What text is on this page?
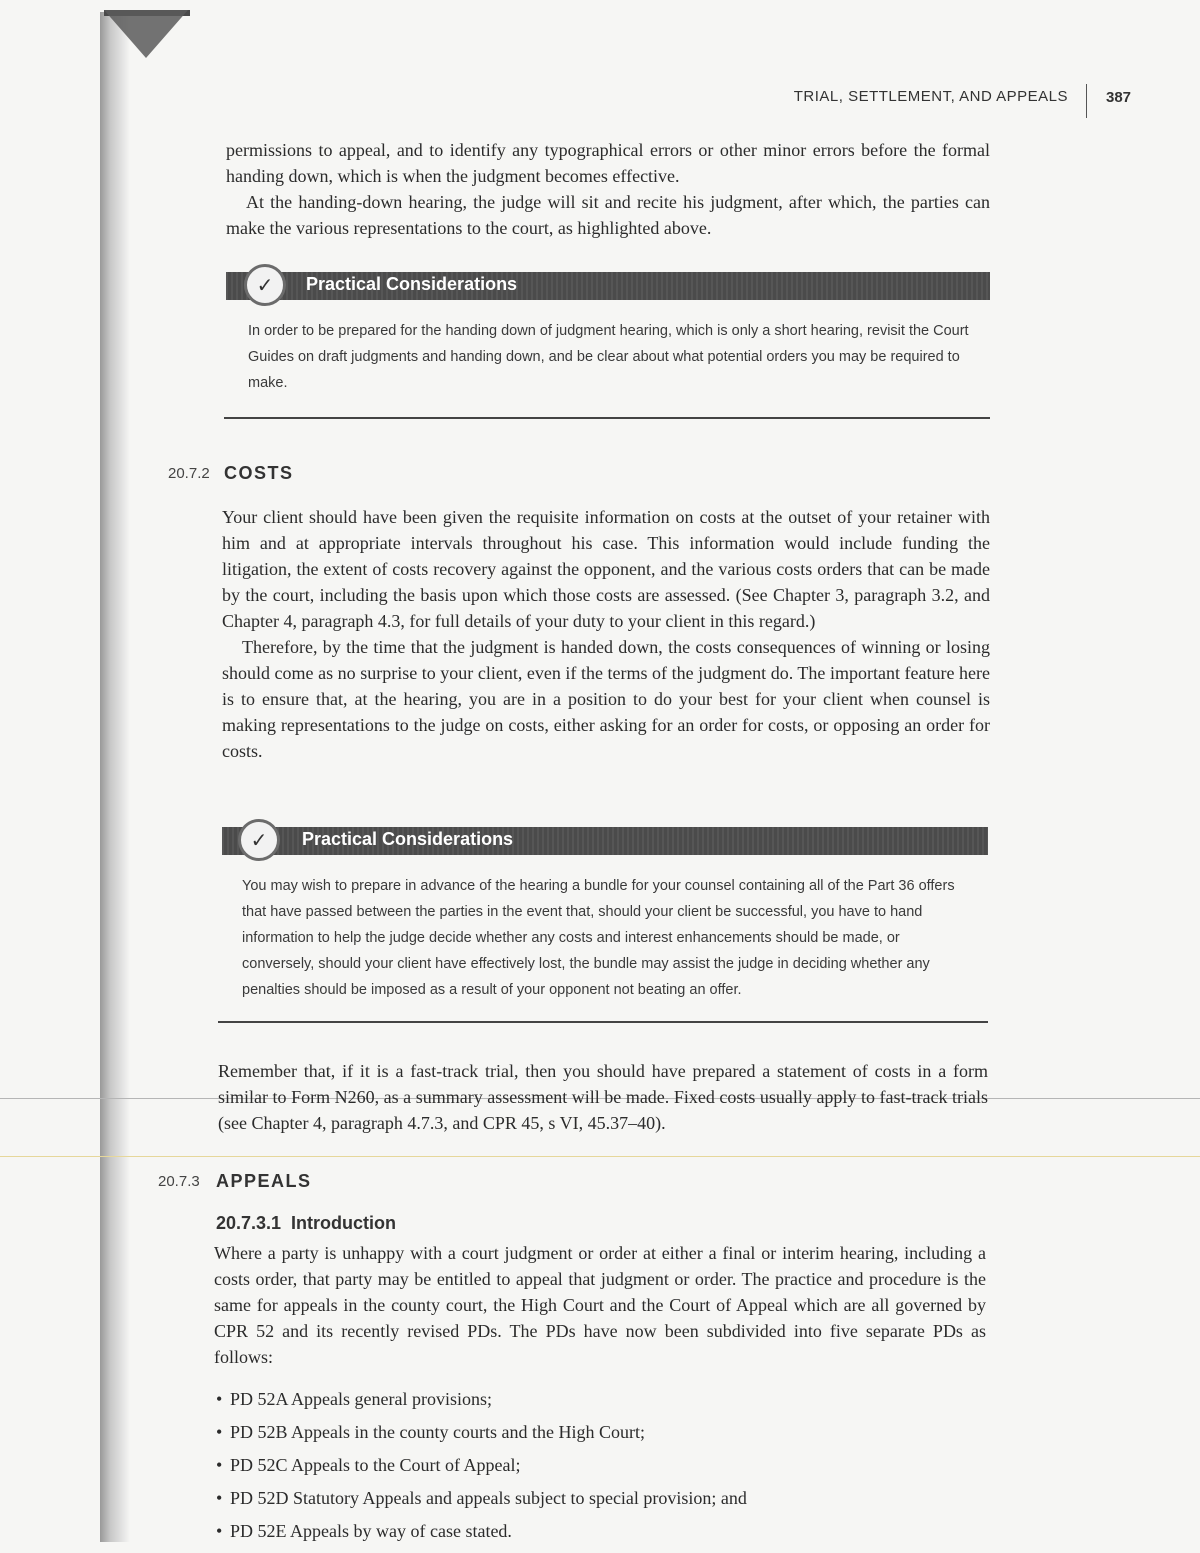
TRIAL, SETTLEMENT, AND APPEALS	387

permissions to appeal, and to identify any typographical errors or other minor errors before the formal handing down, which is when the judgment becomes effective.

At the handing-down hearing, the judge will sit and recite his judgment, after which, the parties can make the various representations to the court, as highlighted above.

✓	Practical Considerations
In order to be prepared for the handing down of judgment hearing, which is only a short hearing, revisit the Court Guides on draft judgments and handing down, and be clear about what potential orders you may be required to make.
20.7.2 COSTS

Your client should have been given the requisite information on costs at the outset of your retainer with him and at appropriate intervals throughout his case. This information would include funding the litigation, the extent of costs recovery against the opponent, and the various costs orders that can be made by the court, including the basis upon which those costs are assessed. (See Chapter 3, paragraph 3.2, and Chapter 4, paragraph 4.3, for full details of your duty to your client in this regard.)

Therefore, by the time that the judgment is handed down, the costs consequences of winning or losing should come as no surprise to your client, even if the terms of the judgment do. The important feature here is to ensure that, at the hearing, you are in a position to do your best for your client when counsel is making representations to the judge on costs, either asking for an order for costs, or opposing an order for costs.

✓	Practical Considerations
You may wish to prepare in advance of the hearing a bundle for your counsel containing all of the Part 36 offers that have passed between the parties in the event that, should your client be successful, you have to hand information to help the judge decide whether any costs and interest enhancements should be made, or conversely, should your client have effectively lost, the bundle may assist the judge in deciding whether any penalties should be imposed as a result of your opponent not beating an offer.

Remember that, if it is a fast-track trial, then you should have prepared a statement of costs in a form similar to Form N260, as a summary assessment will be made. Fixed costs usually apply to fast-track trials (see Chapter 4, paragraph 4.7.3, and CPR 45, s VI, 45.37–40).

20.7.3 APPEALS
20.7.3.1  Introduction

Where a party is unhappy with a court judgment or order at either a final or interim hearing, including a costs order, that party may be entitled to appeal that judgment or order. The practice and procedure is the same for appeals in the county court, the High Court and the Court of Appeal which are all governed by CPR 52 and its recently revised PDs. The PDs have now been subdivided into five separate PDs as follows:

• PD 52A Appeals general provisions;
• PD 52B Appeals in the county courts and the High Court;
• PD 52C Appeals to the Court of Appeal;
• PD 52D Statutory Appeals and appeals subject to special provision; and
• PD 52E Appeals by way of case stated.
